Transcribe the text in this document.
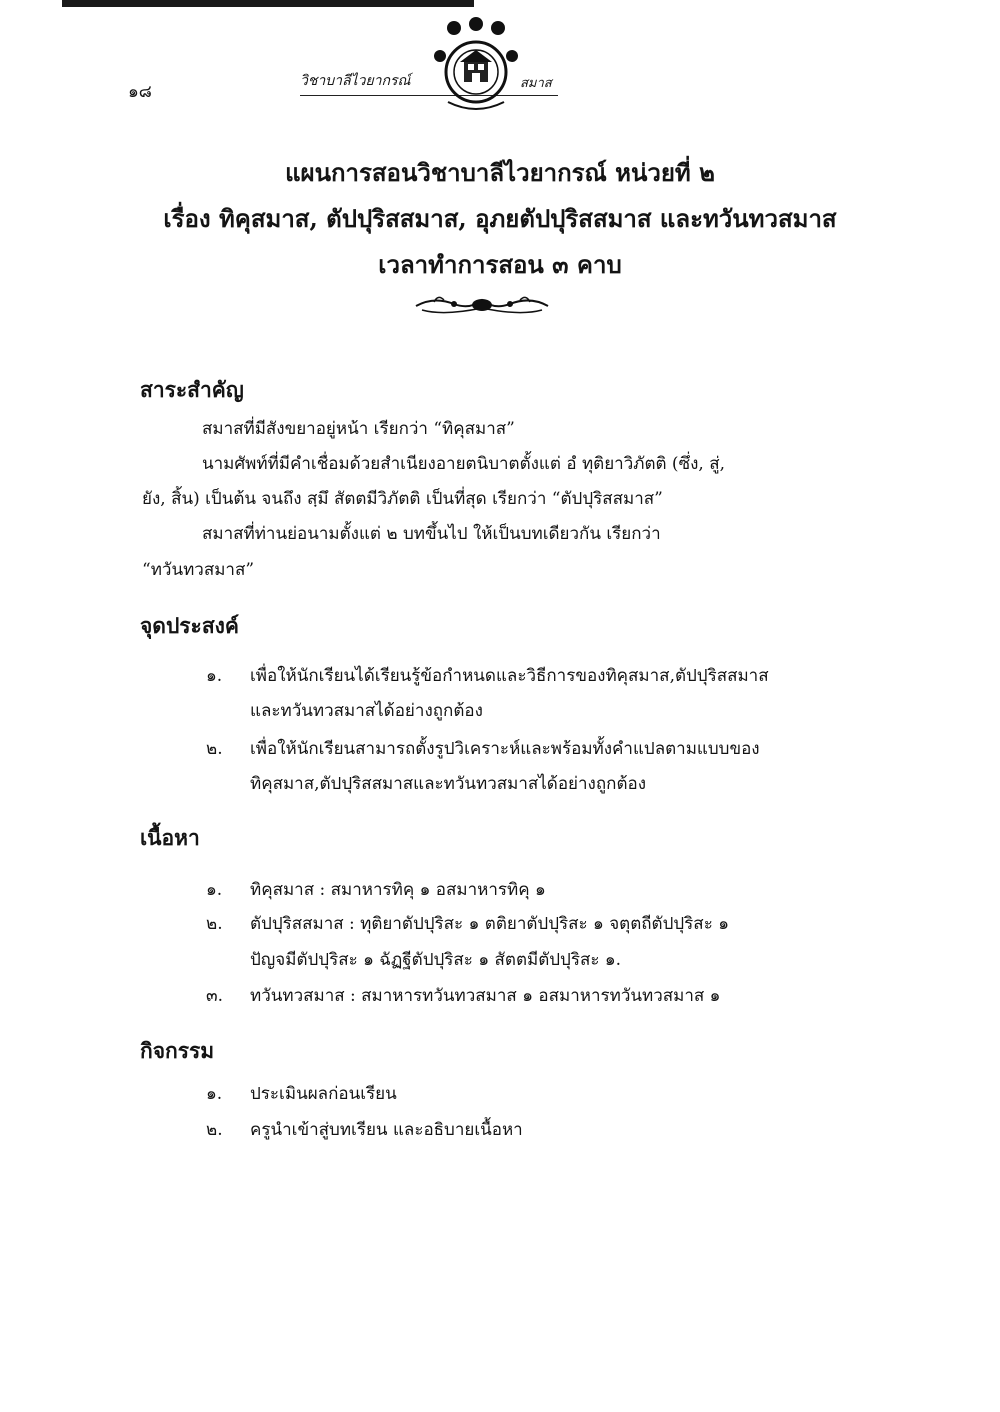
๑๘
วิชาบาลีไวยากรณ์	สมาส
แผนการสอนวิชาบาลีไวยากรณ์ หน่วยที่ ๒
เรื่อง ทิคุสมาส, ตัปปุริสสมาส, อุภยตัปปุริสสมาส และทวันทวสมาส
เวลาทำการสอน ๓ คาบ
สาระสำคัญ
สมาสที่มีสังขยาอยู่หน้า เรียกว่า “ทิคุสมาส”
นามศัพท์ที่มีคำเชื่อมด้วยสำเนียงอายตนิบาตตั้งแต่ อํ ทุติยาวิภัตติ (ซึ่ง, สู่,
ยัง, สิ้น) เป็นต้น จนถึง สฺมึ สัตตมีวิภัตติ เป็นที่สุด เรียกว่า “ตัปปุริสสมาส”
สมาสที่ท่านย่อนามตั้งแต่ ๒ บทขึ้นไป ให้เป็นบทเดียวกัน เรียกว่า
“ทวันทวสมาส”
จุดประสงค์
๑. เพื่อให้นักเรียนได้เรียนรู้ข้อกำหนดและวิธีการของทิคุสมาส,ตัปปุริสสมาส
และทวันทวสมาสได้อย่างถูกต้อง
๒. เพื่อให้นักเรียนสามารถตั้งรูปวิเคราะห์และพร้อมทั้งคำแปลตามแบบของ
ทิคุสมาส,ตัปปุริสสมาสและทวันทวสมาสได้อย่างถูกต้อง
เนื้อหา
๑. ทิคุสมาส : สมาหารทิคุ ๑ อสมาหารทิคุ ๑
๒. ตัปปุริสสมาส : ทุติยาตัปปุริสะ ๑ ตติยาตัปปุริสะ ๑ จตุตถีตัปปุริสะ ๑
ปัญจมีตัปปุริสะ ๑ ฉัฏฐีตัปปุริสะ ๑ สัตตมีตัปปุริสะ ๑.
๓. ทวันทวสมาส : สมาหารทวันทวสมาส ๑ อสมาหารทวันทวสมาส ๑
กิจกรรม
๑. ประเมินผลก่อนเรียน
๒. ครูนำเข้าสู่บทเรียน และอธิบายเนื้อหา
